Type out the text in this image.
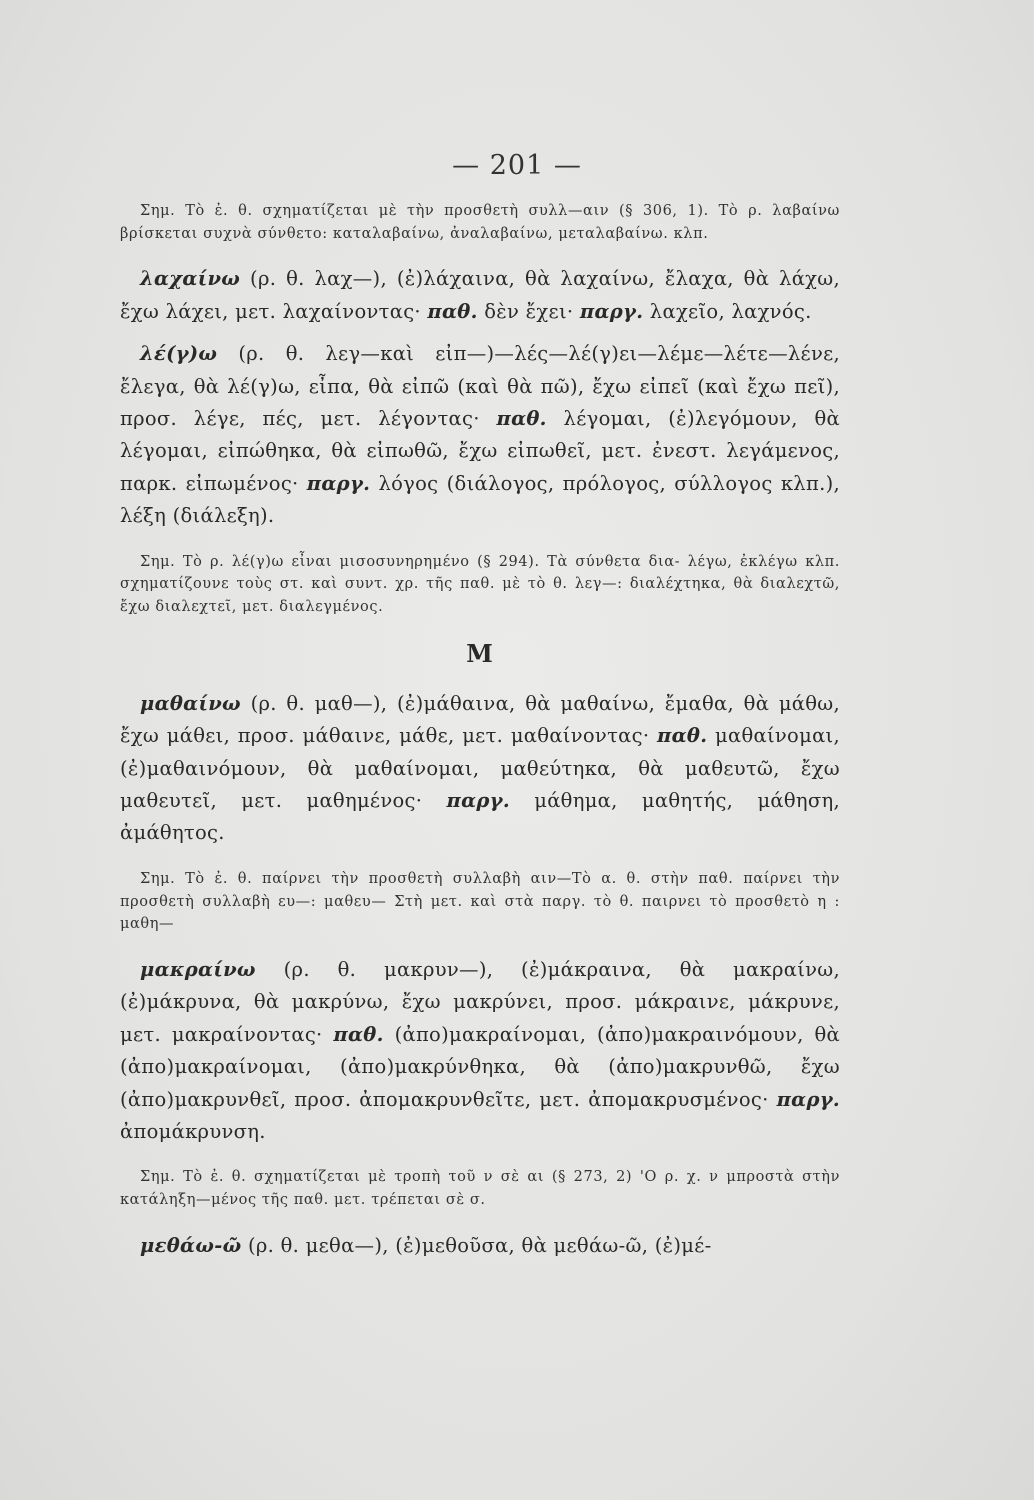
— 201 —

Σημ. Τὸ ἐ. θ. σχηματίζεται μὲ τὴν προσθετὴ συλλ—αιν (§ 306, 1). Τὸ ρ. λαβαίνω βρίσκεται συχνὰ σύνθετο: καταλαβαίνω, ἀναλαβαίνω, μεταλαβαίνω. κλπ.

λαχαίνω (ρ. θ. λαχ—), (ἐ)λάχαινα, θὰ λαχαίνω, ἔλαχα, θὰ λάχω, ἔχω λάχει, μετ. λαχαίνοντας· παθ. δὲν ἔχει· παργ. λαχεῖο, λαχνός.

λέ(γ)ω (ρ. θ. λεγ—καὶ εἰπ—)—λές—λέ(γ)ει—λέμε—λέτε—λένε, ἔλεγα, θὰ λέ(γ)ω, εἶπα, θὰ εἰπῶ (καὶ θὰ πῶ), ἔχω εἰπεῖ (καὶ ἔχω πεῖ), προσ. λέγε, πές, μετ. λέγοντας· παθ. λέγομαι, (ἐ)λεγόμουν, θὰ λέγομαι, εἰπώθηκα, θὰ εἰπωθῶ, ἔχω εἰπωθεῖ, μετ. ἐνεστ. λεγάμενος, παρκ. εἰπωμένος· παργ. λόγος (διάλογος, πρόλογος, σύλλογος κλπ.), λέξη (διάλεξη).

Σημ. Τὸ ρ. λέ(γ)ω εἶναι μισοσυνηρημένο (§ 294). Τὰ σύνθετα δια- λέγω, ἐκλέγω κλπ. σχηματίζουνε τοὺς στ. καὶ συντ. χρ. τῆς παθ. μὲ τὸ θ. λεγ—: διαλέχτηκα, θὰ διαλεχτῶ, ἔχω διαλεχτεῖ, μετ. διαλεγμένος.

Μ

μαθαίνω (ρ. θ. μαθ—), (ἐ)μάθαινα, θὰ μαθαίνω, ἔμαθα, θὰ μάθω, ἔχω μάθει, προσ. μάθαινε, μάθε, μετ. μαθαίνοντας· παθ. μαθαίνομαι, (ἐ)μαθαινόμουν, θὰ μαθαίνομαι, μαθεύτηκα, θὰ μαθευτῶ, ἔχω μαθευτεῖ, μετ. μαθημένος· παργ. μάθημα, μαθητής, μάθηση, ἀμάθητος.

Σημ. Τὸ ἐ. θ. παίρνει τὴν προσθετὴ συλλαβὴ αιν—Τὸ α. θ. στὴν παθ. παίρνει τὴν προσθετὴ συλλαβὴ ευ—: μαθευ— Στὴ μετ. καὶ στὰ παργ. τὸ θ. παιρνει τὸ προσθετὸ η : μαθη—

μακραίνω (ρ. θ. μακρυν—), (ἐ)μάκραινα, θὰ μακραίνω, (ἐ)μάκρυνα, θὰ μακρύνω, ἔχω μακρύνει, προσ. μάκραινε, μάκρυνε, μετ. μακραίνοντας· παθ. (ἀπο)μακραίνομαι, (ἀπο)μακραινόμουν, θὰ (ἀπο)μακραίνομαι, (ἀπο)μακρύνθηκα, θὰ (ἀπο)μακρυνθῶ, ἔχω (ἀπο)μακρυνθεῖ, προσ. ἀπομακρυνθεῖτε, μετ. ἀπομακρυσμένος· παργ. ἀπομάκρυνση.

Σημ. Τὸ ἐ. θ. σχηματίζεται μὲ τροπὴ τοῦ ν σὲ αι (§ 273, 2) 'Ο ρ. χ. ν μπροστὰ στὴν κατάληξη—μένος τῆς παθ. μετ. τρέπεται σὲ σ.

μεθάω-ῶ (ρ. θ. μεθα—), (ἐ)μεθοῦσα, θὰ μεθάω-ῶ, (ἐ)μέ-
